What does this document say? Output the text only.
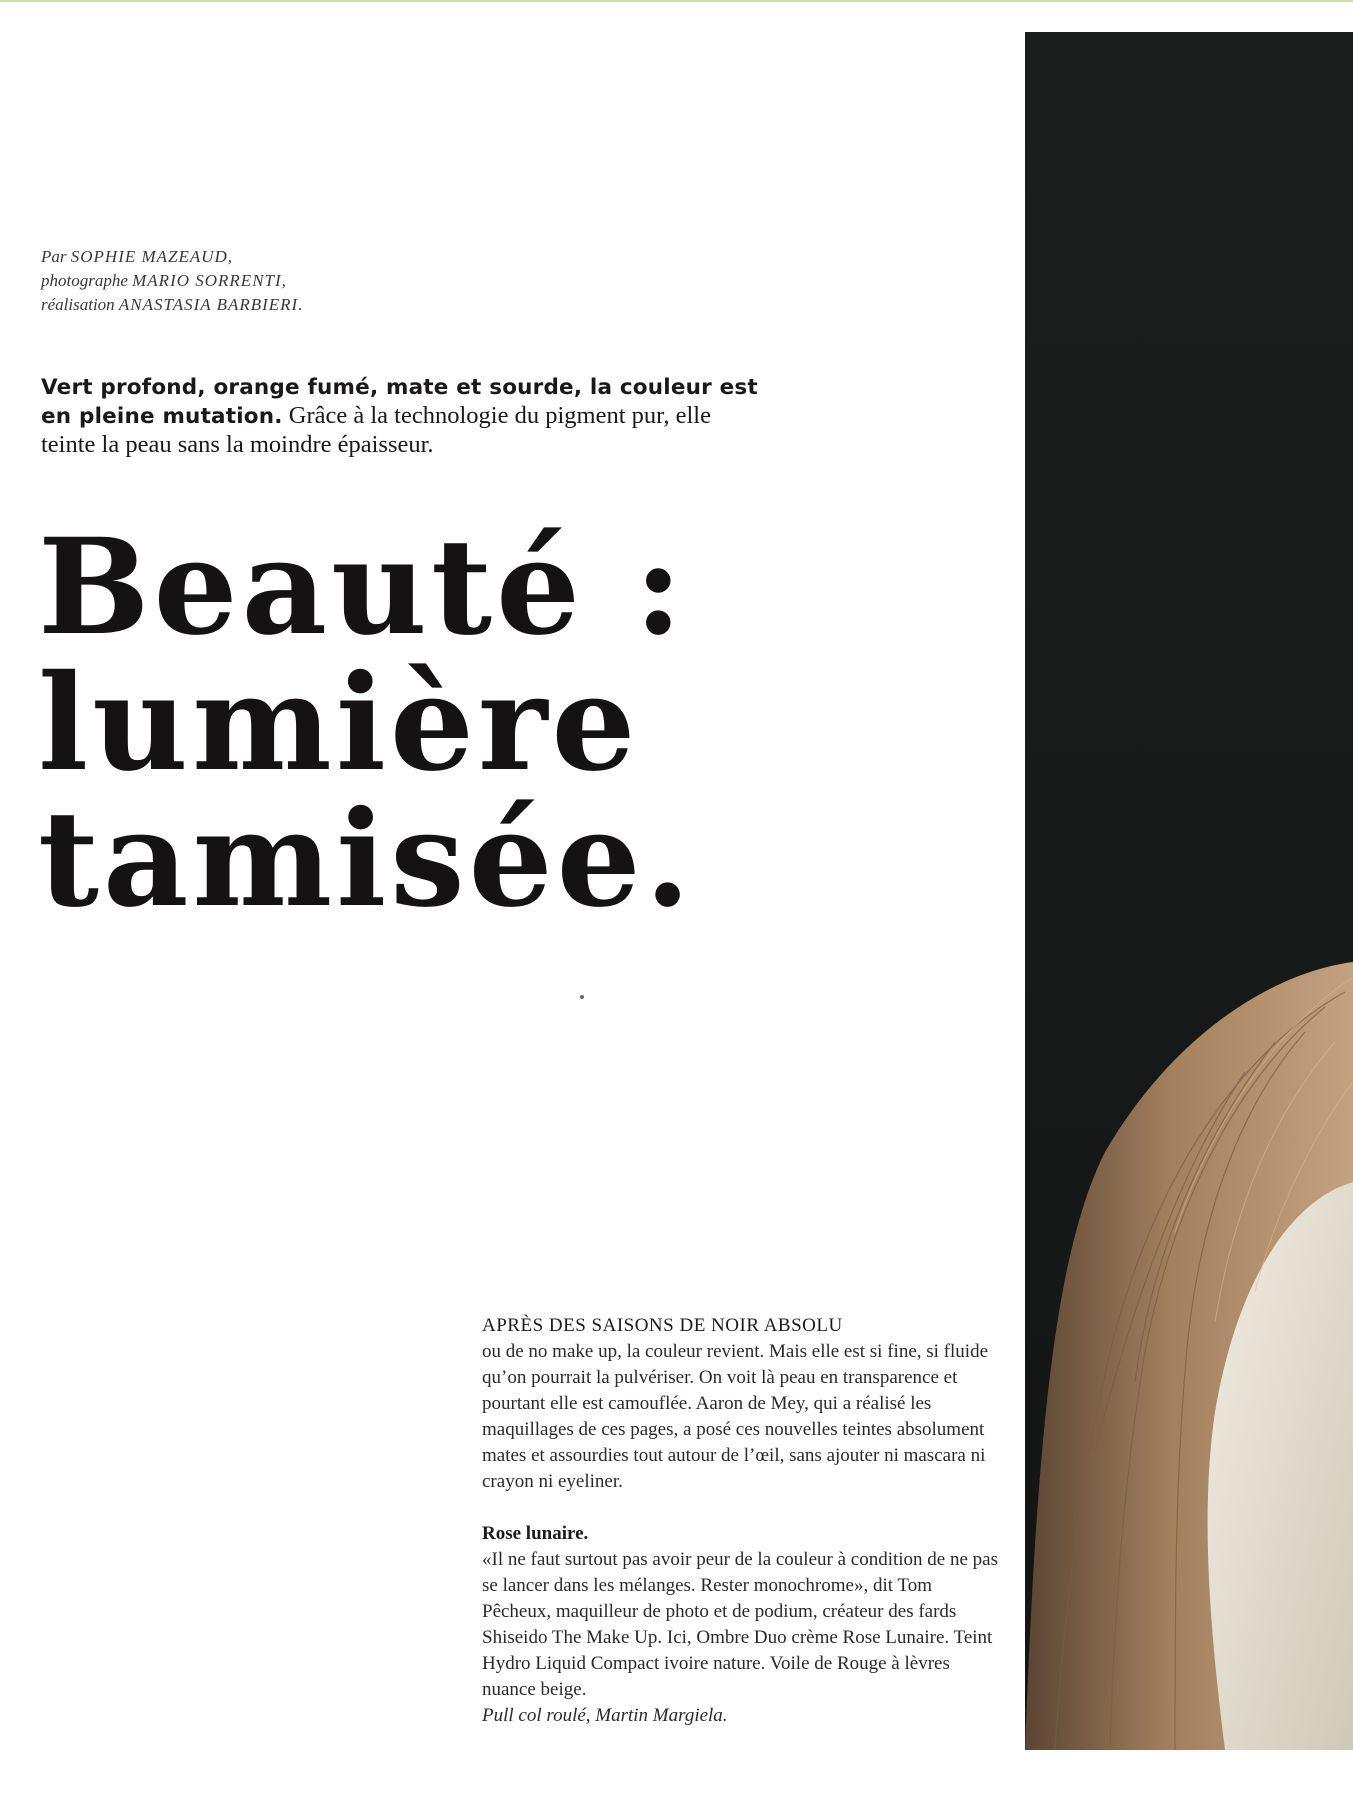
Par SOPHIE MAZEAUD,
photographe MARIO SORRENTI,
réalisation ANASTASIA BARBIERI.
Vert profond, orange fumé, mate et sourde, la couleur est en pleine mutation. Grâce à la technologie du pigment pur, elle teinte la peau sans la moindre épaisseur.
Beauté :
lumière
tamisée.

APRÈS DES SAISONS DE NOIR ABSOLU
ou de no make up, la couleur revient. Mais elle est si fine, si fluide qu’on pourrait la pulvériser. On voit là peau en transparence et pourtant elle est camouflée. Aaron de Mey, qui a réalisé les maquillages de ces pages, a posé ces nouvelles teintes absolument mates et assourdies tout autour de l’œil, sans ajouter ni mascara ni crayon ni eyeliner.

Rose lunaire.

«Il ne faut surtout pas avoir peur de la couleur à condition de ne pas se lancer dans les mélanges. Rester monochrome», dit Tom Pêcheux, maquilleur de photo et de podium, créateur des fards Shiseido The Make Up. Ici, Ombre Duo crème Rose Lunaire. Teint Hydro Liquid Compact ivoire nature. Voile de Rouge à lèvres nuance beige.

Pull col roulé, Martin Margiela.
